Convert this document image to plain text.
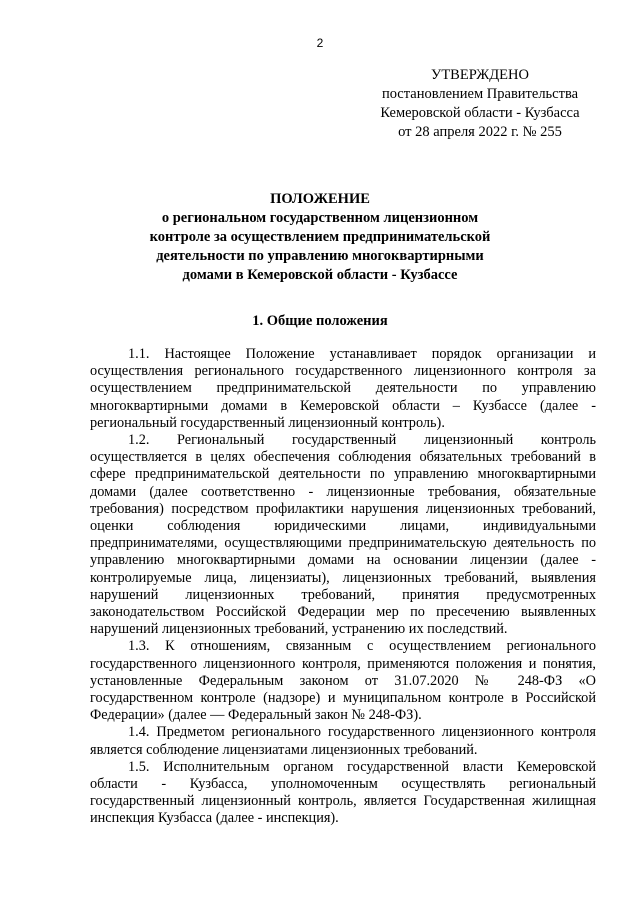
2
УТВЕРЖДЕНО
постановлением Правительства
Кемеровской области - Кузбасса
от 28 апреля 2022 г. № 255
ПОЛОЖЕНИЕ
о региональном государственном лицензионном
контроле за осуществлением предпринимательской
деятельности по управлению многоквартирными
домами в Кемеровской области - Кузбассе
1. Общие положения

1.1. Настоящее Положение устанавливает порядок организации и осуществления регионального государственного лицензионного контроля за осуществлением предпринимательской деятельности по управлению многоквартирными домами в Кемеровской области – Кузбассе (далее - региональный государственный лицензионный контроль).

1.2. Региональный государственный лицензионный контроль осуществляется в целях обеспечения соблюдения обязательных требований в сфере предпринимательской деятельности по управлению многоквартирными домами (далее соответственно - лицензионные требования, обязательные требования) посредством профилактики нарушения лицензионных требований, оценки соблюдения юридическими лицами, индивидуальными предпринимателями, осуществляющими предпринимательскую деятельность по управлению многоквартирными домами на основании лицензии (далее - контролируемые лица, лицензиаты), лицензионных требований, выявления нарушений лицензионных требований, принятия предусмотренных законодательством Российской Федерации мер по пресечению выявленных нарушений лицензионных требований, устранению их последствий.

1.3. К отношениям, связанным с осуществлением регионального государственного лицензионного контроля, применяются положения и понятия, установленные Федеральным законом от 31.07.2020 № 248-ФЗ «О государственном контроле (надзоре) и муниципальном контроле в Российской Федерации» (далее — Федеральный закон № 248-ФЗ).

1.4. Предметом регионального государственного лицензионного контроля является соблюдение лицензиатами лицензионных требований.

1.5. Исполнительным органом государственной власти Кемеровской области - Кузбасса, уполномоченным осуществлять региональный государственный лицензионный контроль, является Государственная жилищная инспекция Кузбасса (далее - инспекция).
